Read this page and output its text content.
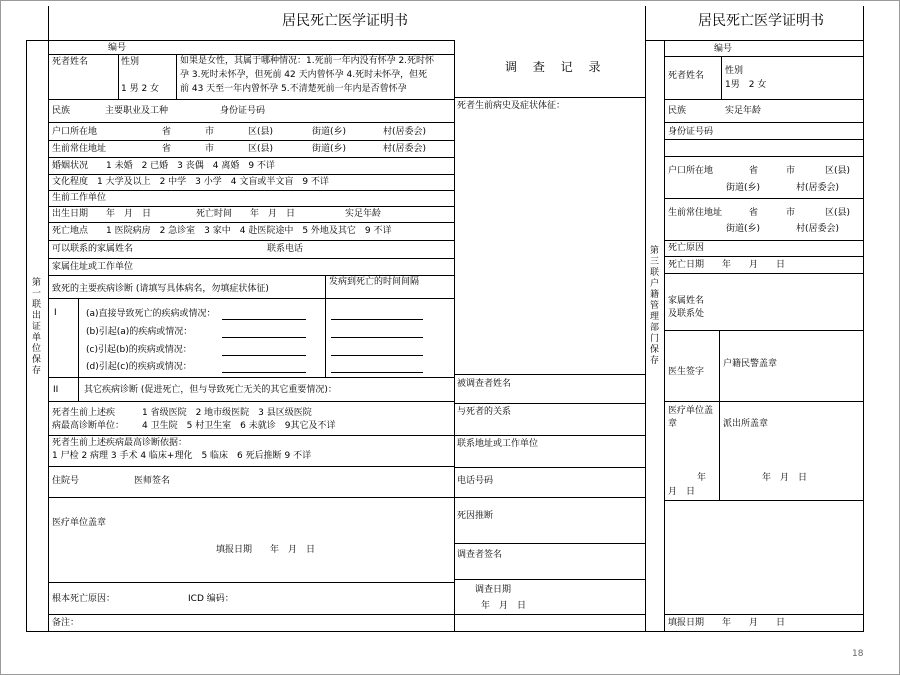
居民死亡医学证明书
第一联出证单位保存
编号
死者姓名	性别
1 男 2 女
如果是女性，其属于哪种情况：1.死前一年内没有怀孕 2.死时怀
孕 3.死时未怀孕，但死前 42 天内曾怀孕 4.死时未怀孕，但死
前 43 天至一年内曾怀孕 5.不清楚死前一年内是否曾怀孕
民族	主要职业及工种	身份证号码
户口所在地	省	市	区(县)	街道(乡)	村(居委会)
生前常住地址	省	市	区(县)	街道(乡)	村(居委会)
婚姻状况　　1 未婚　2 已婚　3 丧偶　4 离婚　9 不详
文化程度　1 大学及以上　2 中学　3 小学　4 文盲或半文盲　9 不详
生前工作单位
出生日期　　年　月　日	死亡时间　　年　月　日	实足年龄
死亡地点　　1 医院病房　2 急诊室　3 家中　4 赴医院途中　5 外地及其它　9 不详
可以联系的家属姓名	联系电话
家属住址或工作单位
致死的主要疾病诊断 (请填写具体病名，勿填症状体征)
发病到死亡的时间间隔
I	(a)直接导致死亡的疾病或情况：
(b)引起(a)的疾病或情况：
(c)引起(b)的疾病或情况：
(d)引起(c)的疾病或情况：
II	其它疾病诊断 (促进死亡，但与导致死亡无关的其它重要情况)：
死者生前上述疾
病最高诊断单位：
1 省级医院　2 地市级医院　3 县区级医院
4 卫生院　5 村卫生室　6 未就诊　9其它及不详
死者生前上述疾病最高诊断依据：
1 尸检 2 病理 3 手术 4 临床+理化　5 临床　6 死后推断 9 不详
住院号	医师签名
医疗单位盖章
填报日期　　年　月　日
根本死亡原因：	ICD 编码：
备注：
调 查 记 录
死者生前病史及症状体征：
被调查者姓名
与死者的关系
联系地址或工作单位
电话号码
死因推断
调查者签名
调查日期
年　月　日
居民死亡医学证明书
第三联户籍管理部门保存
编号
死者姓名 性别
1男　2 女
民族	实足年龄
身份证号码
户口所在地	省	市	区(县)
街道(乡)	村(居委会)
生前常住地址	省	市	区(县)
街道(乡)	村(居委会)
死亡原因
死亡日期　　年　　月　　日
家属姓名
及联系处
医生签字
户籍民警盖章
医疗单位盖
章	派出所盖章
年
月　日
年　月　日
填报日期　　年　　月　　日
18
